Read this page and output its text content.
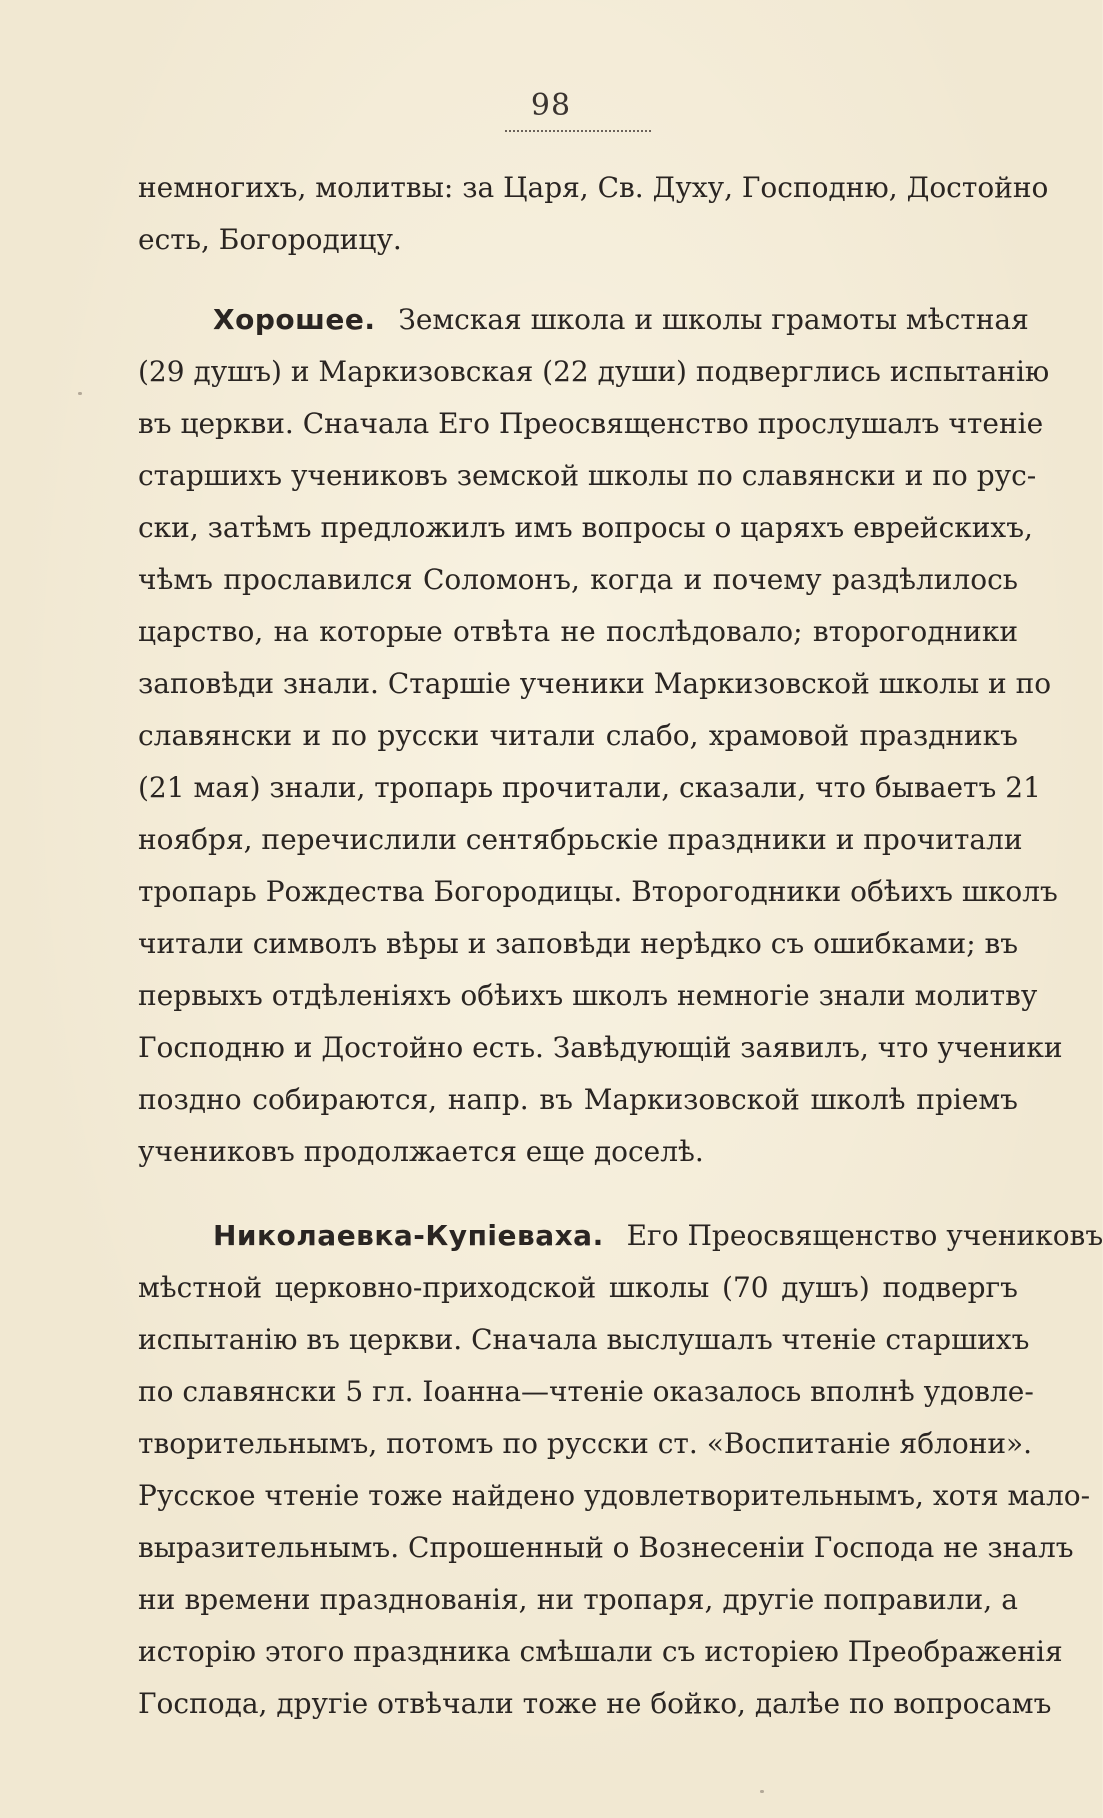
98
немногихъ, молитвы: за Царя, Св. Духу, Господню, Достойно
есть, Богородицу.
Хорошее. Земская школа и школы грамоты мѣстная
(29 душъ) и Маркизовская (22 души) подверглись испытанію
въ церкви. Сначала Его Преосвященство прослушалъ чтеніе
старшихъ учениковъ земской школы по славянски и по рус-
ски, затѣмъ предложилъ имъ вопросы о царяхъ еврейскихъ,
чѣмъ прославился Соломонъ, когда и почему раздѣлилось
царство, на которые отвѣта не послѣдовало; второгодники
заповѣди знали. Старшіе ученики Маркизовской школы и по
славянски и по русски читали слабо, храмовой праздникъ
(21 мая) знали, тропарь прочитали, сказали, что бываетъ 21
ноября, перечислили сентябрьскіе праздники и прочитали
тропарь Рождества Богородицы. Второгодники обѣихъ школъ
читали символъ вѣры и заповѣди нерѣдко съ ошибками; въ
первыхъ отдѣленіяхъ обѣихъ школъ немногіе знали молитву
Господню и Достойно есть. Завѣдующій заявилъ, что ученики
поздно собираются, напр. въ Маркизовской школѣ пріемъ
учениковъ продолжается еще доселѣ.
Николаевка-Купіеваха. Его Преосвященство учениковъ
мѣстной церковно-приходской школы (70 душъ) подвергъ
испытанію въ церкви. Сначала выслушалъ чтеніе старшихъ
по славянски 5 гл. Іоанна—чтеніе оказалось вполнѣ удовле-
творительнымъ, потомъ по русски ст. «Воспитаніе яблони».
Русское чтеніе тоже найдено удовлетворительнымъ, хотя мало-
выразительнымъ. Спрошенный о Вознесеніи Господа не зналъ
ни времени празднованія, ни тропаря, другіе поправили, а
исторію этого праздника смѣшали съ исторіею Преображенія
Господа, другіе отвѣчали тоже не бойко, далѣе по вопросамъ
